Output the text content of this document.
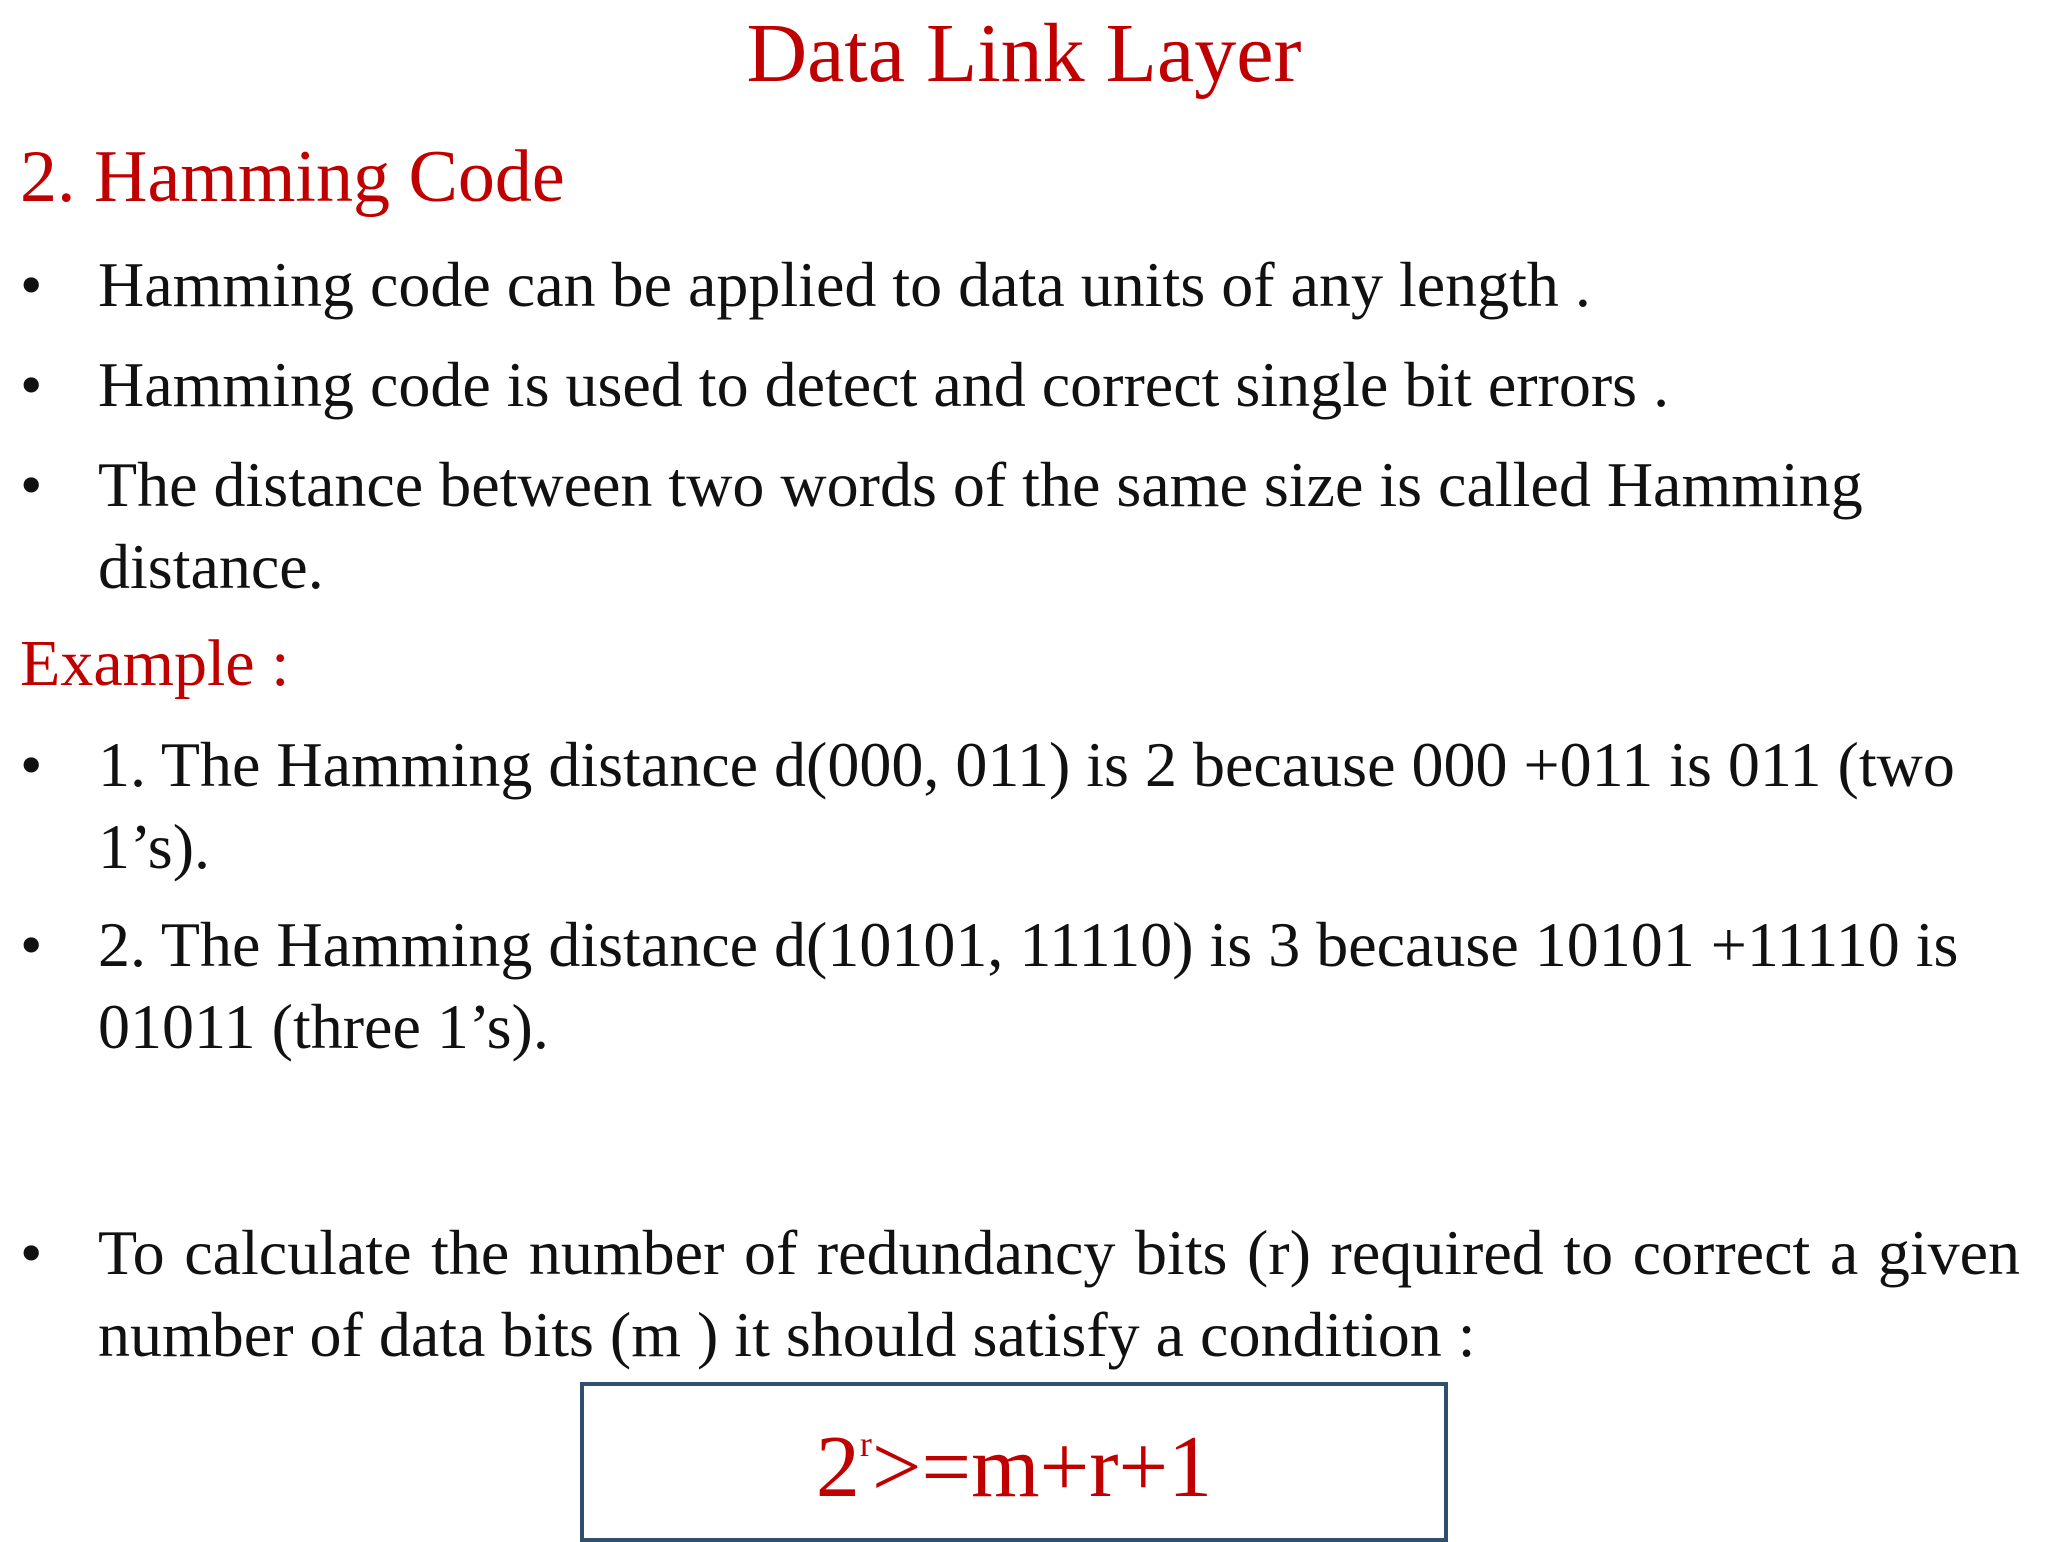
Data Link Layer
2. Hamming Code
• Hamming code can be applied to data units of any length .
• Hamming code is used to detect and correct single bit errors .
• The distance between two words of the same size is called Hamming distance.
Example :
• 1. The Hamming distance d(000, 011) is 2 because 000 +011 is 011 (two 1’s).
• 2. The Hamming distance d(10101, 11110) is 3 because 10101 +11110 is 01011 (three 1’s).
• To calculate the number of redundancy bits (r) required to correct a given number of data bits (m ) it should satisfy a condition :
$2^r>=m+r+1$
